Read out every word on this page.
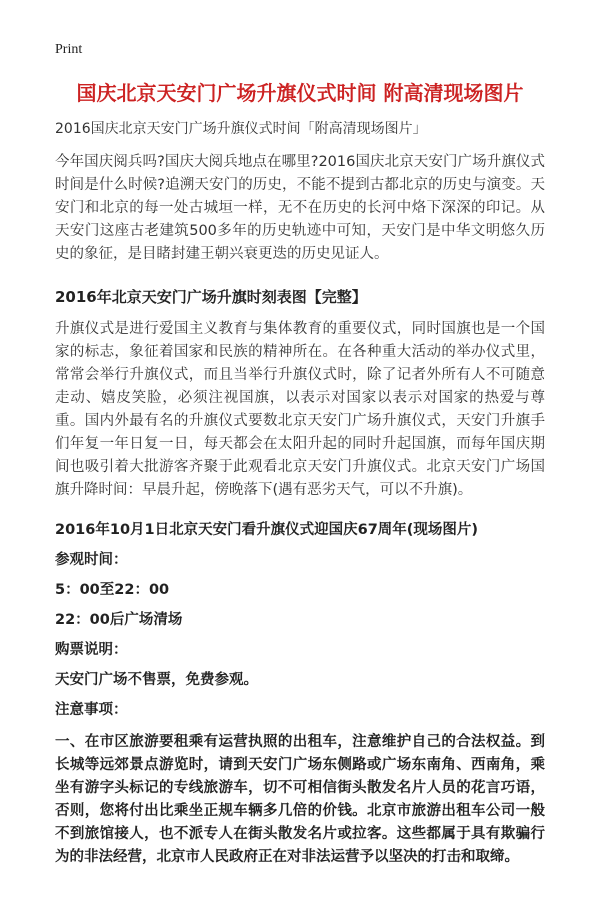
Print
国庆北京天安门广场升旗仪式时间 附高清现场图片
2016国庆北京天安门广场升旗仪式时间「附高清现场图片」

今年国庆阅兵吗?国庆大阅兵地点在哪里?2016国庆北京天安门广场升旗仪式时间是什么时候?追溯天安门的历史，不能不提到古都北京的历史与演变。天安门和北京的每一处古城垣一样，无不在历史的长河中烙下深深的印记。从天安门这座古老建筑500多年的历史轨迹中可知，天安门是中华文明悠久历史的象征，是目睹封建王朝兴衰更迭的历史见证人。

2016年北京天安门广场升旗时刻表图【完整】

升旗仪式是进行爱国主义教育与集体教育的重要仪式，同时国旗也是一个国家的标志，象征着国家和民族的精神所在。在各种重大活动的举办仪式里，常常会举行升旗仪式，而且当举行升旗仪式时，除了记者外所有人不可随意走动、嬉皮笑脸，必须注视国旗，以表示对国家以表示对国家的热爱与尊重。国内外最有名的升旗仪式要数北京天安门广场升旗仪式，天安门升旗手们年复一年日复一日，每天都会在太阳升起的同时升起国旗，而每年国庆期间也吸引着大批游客齐聚于此观看北京天安门升旗仪式。北京天安门广场国旗升降时间：早晨升起，傍晚落下(遇有恶劣天气，可以不升旗)。

2016年10月1日北京天安门看升旗仪式迎国庆67周年(现场图片)

参观时间：

5：00至22：00

22：00后广场清场

购票说明：

天安门广场不售票，免费参观。

注意事项：

一、在市区旅游要租乘有运营执照的出租车，注意维护自己的合法权益。到长城等远郊景点游览时，请到天安门广场东侧路或广场东南角、西南角，乘坐有游字头标记的专线旅游车，切不可相信街头散发名片人员的花言巧语，否则，您将付出比乘坐正规车辆多几倍的价钱。北京市旅游出租车公司一般不到旅馆接人，也不派专人在街头散发名片或拉客。这些都属于具有欺骗行为的非法经营，北京市人民政府正在对非法运营予以坚决的打击和取缔。
